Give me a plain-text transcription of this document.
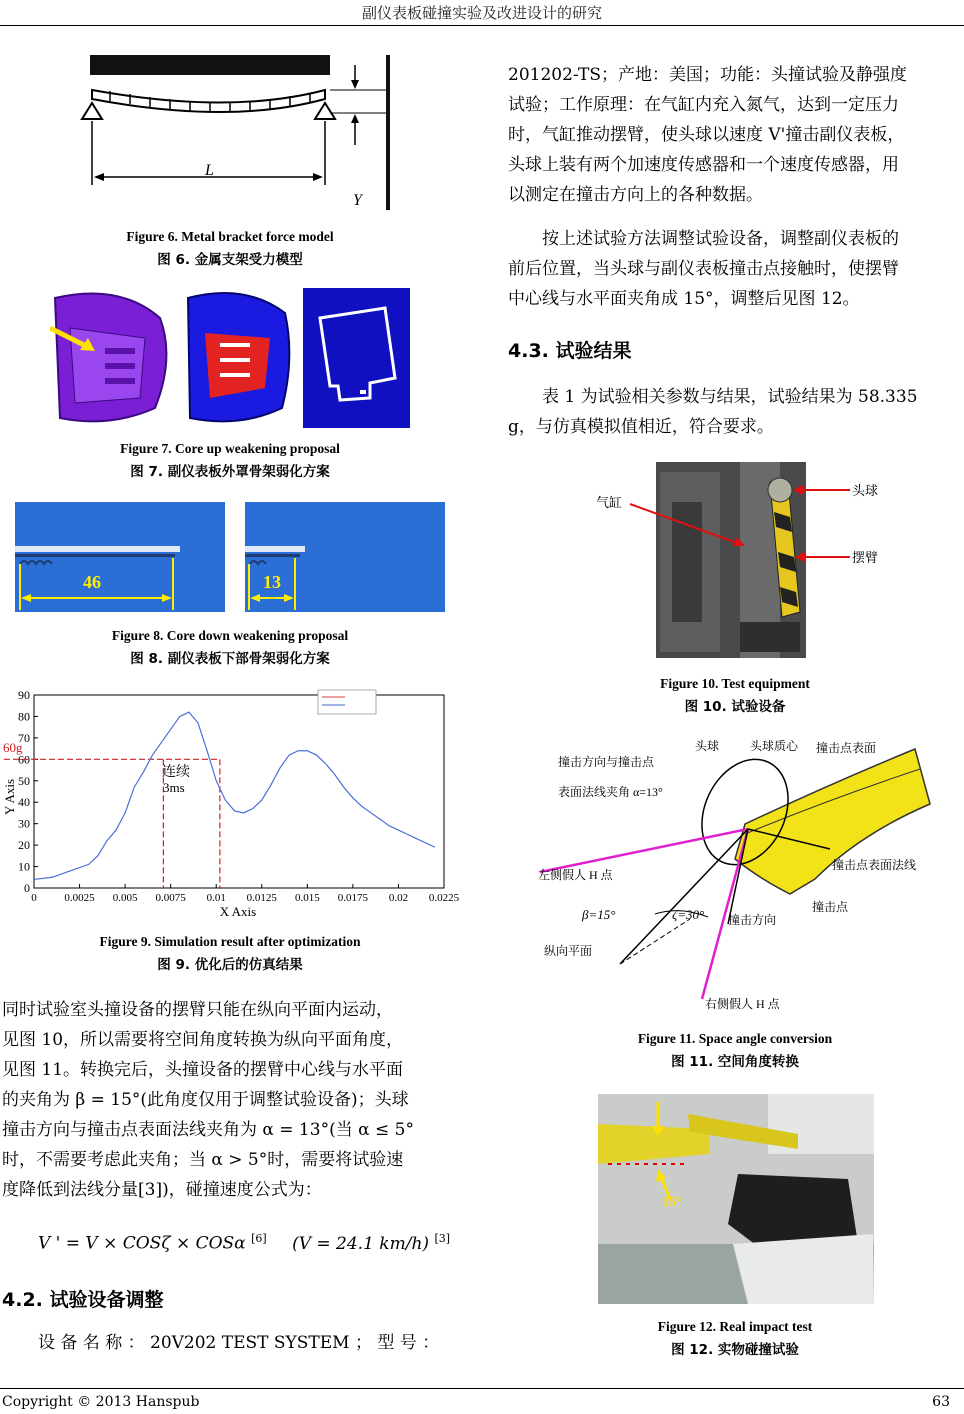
副仪表板碰撞实验及改进设计的研究
Copyright © 2013 Hanspub	63
L
Y
Figure 6. Metal bracket force model
图 6. 金属支架受力模型
Figure 7. Core up weakening proposal
图 7. 副仪表板外罩骨架弱化方案
46	13
Figure 8. Core down weakening proposal
图 8. 副仪表板下部骨架弱化方案
0	0.0025 0.005 0.0075 0.01 0.0125 0.015 0.0175 0.02 0.0225
0
10
20
30
40
50
60
70
80
90
X Axis
Y Axis
60g
连续
3ms
Figure 9. Simulation result after optimization
图 9. 优化后的仿真结果
同时试验室头撞设备的摆臂只能在纵向平面内运动，
见图 10，所以需要将空间角度转换为纵向平面角度，
见图 11。转换完后，头撞设备的摆臂中心线与水平面
的夹角为 β = 15°(此角度仅用于调整试验设备)；头球
撞击方向与撞击点表面法线夹角为 α = 13°(当 α ≤ 5°
时，不需要考虑此夹角；当 α > 5°时，需要将试验速
度降低到法线分量[3])，碰撞速度公式为：
V ' = V × COSζ × COSα [6] (V = 24.1 km/h) [3]
4.2. 试验设备调整
设 备 名 称 ： 20V202 TEST SYSTEM ； 型 号 ：
201202-TS；产地：美国；功能：头撞试验及静强度
试验；工作原理：在气缸内充入氮气，达到一定压力
时，气缸推动摆臂，使头球以速度 V'撞击副仪表板，
头球上装有两个加速度传感器和一个速度传感器，用
以测定在撞击方向上的各种数据。
按上述试验方法调整试验设备，调整副仪表板的
前后位置，当头球与副仪表板撞击点接触时，使摆臂
中心线与水平面夹角成 15°，调整后见图 12。
4.3. 试验结果
表 1 为试验相关参数与结果，试验结果为 58.335
g，与仿真模拟值相近，符合要求。
气缸
头球
摆臂
Figure 10. Test equipment
图 10. 试验设备
头球	头球质心 撞击点表面
撞击方向与撞击点
表面法线夹角 α=13°
左侧假人 H 点
撞击点表面法线
β=15°	ζ=30° 撞击方向
撞击点
纵向平面
右侧假人 H 点
Figure 11. Space angle conversion
图 11. 空间角度转换
15°
Figure 12. Real impact test
图 12. 实物碰撞试验
